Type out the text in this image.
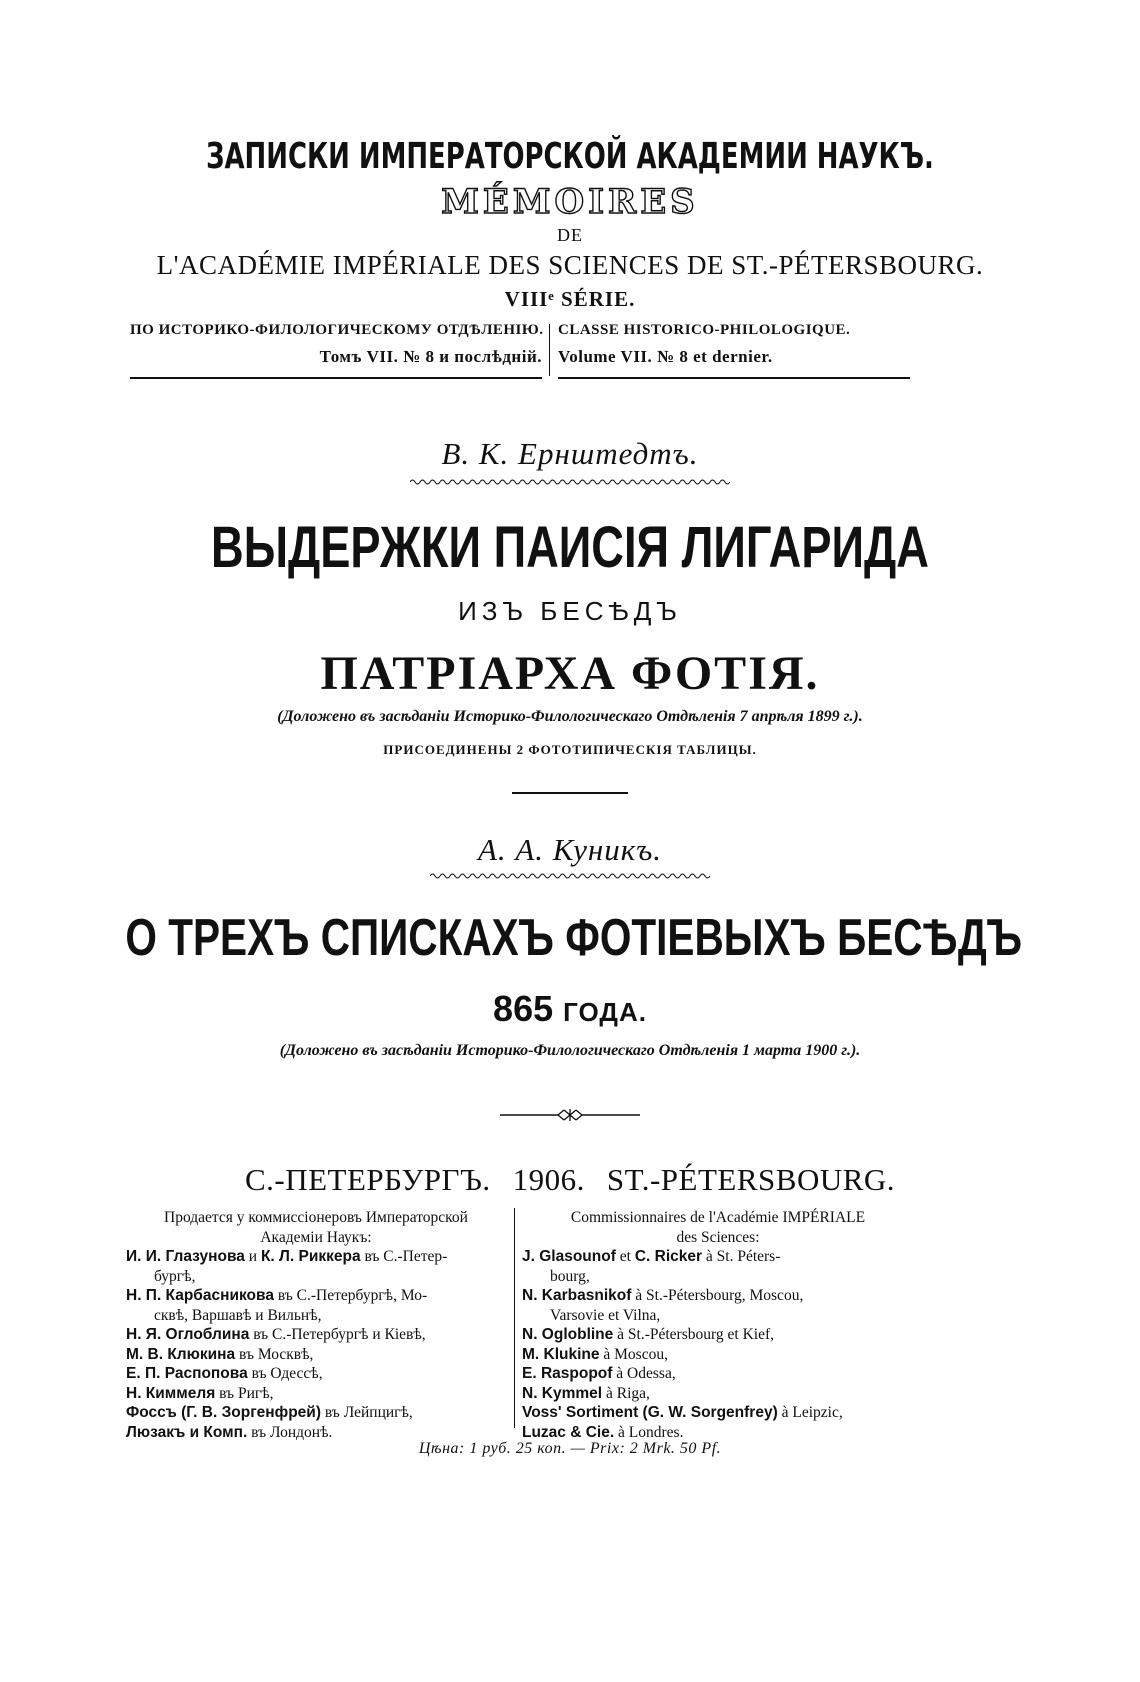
ЗАПИСКИ ИМПЕРАТОРСКОЙ АКАДЕМИИ НАУКЪ.
MÉMOIRES
DE
L'ACADÉMIE IMPÉRIALE DES SCIENCES DE ST.-PÉTERSBOURG.
VIIIᵉ SÉRIE.
ПО ИСТОРИКО-ФИЛОЛОГИЧЕСКОМУ ОТДѢЛЕНІЮ.
Томъ VII. № 8 и послѣдній.
CLASSE HISTORICO-PHILOLOGIQUE.
Volume VII. № 8 et dernier.
В. К. Ернштедтъ.
ВЫДЕРЖКИ ПАИСІЯ ЛИГАРИДА
ИЗЪ БЕСѢДЪ
ПАТРІАРХА ФОТІЯ.
(Доложено въ засѣданіи Историко-Филологическаго Отдѣленія 7 апрѣля 1899 г.).
ПРИСОЕДИНЕНЫ 2 ФОТОТИПИЧЕСКІЯ ТАБЛИЦЫ.
А. А. Куникъ.
О ТРЕХЪ СПИСКАХЪ ФОТІЕВЫХЪ БЕСѢДЪ
865 ГОДА.
(Доложено въ засѣданіи Историко-Филологическаго Отдѣленія 1 марта 1900 г.).
С.-ПЕТЕРБУРГЪ. 1906. ST.-PÉTERSBOURG.
Продается у коммиссіонеровъ Императорской
Академіи Наукъ:
И. И. Глазунова и К. Л. Риккера въ С.-Петер-
бургѣ,
Н. П. Карбасникова въ С.-Петербургѣ, Мо-
сквѣ, Варшавѣ и Вильнѣ,
Н. Я. Оглоблина въ С.-Петербургѣ и Кіевѣ,
М. В. Клюкина въ Москвѣ,
Е. П. Распопова въ Одессѣ,
Н. Киммеля въ Ригѣ,
Фоссъ (Г. В. Зоргенфрей) въ Лейпцигѣ,
Люзакъ и Комп. въ Лондонѣ.
Commissionnaires de l'Académie IMPÉRIALE
des Sciences:
J. Glasounof et C. Ricker à St. Péters-
bourg,
N. Karbasnikof à St.-Pétersbourg, Moscou,
Varsovie et Vilna,
N. Oglobline à St.-Pétersbourg et Kief,
M. Klukine à Moscou,
E. Raspopof à Odessa,
N. Kymmel à Riga,
Voss' Sortiment (G. W. Sorgenfrey) à Leipzic,
Luzac & Cie. à Londres.
Цѣна: 1 руб. 25 коп. — Prix: 2 Mrk. 50 Pf.
